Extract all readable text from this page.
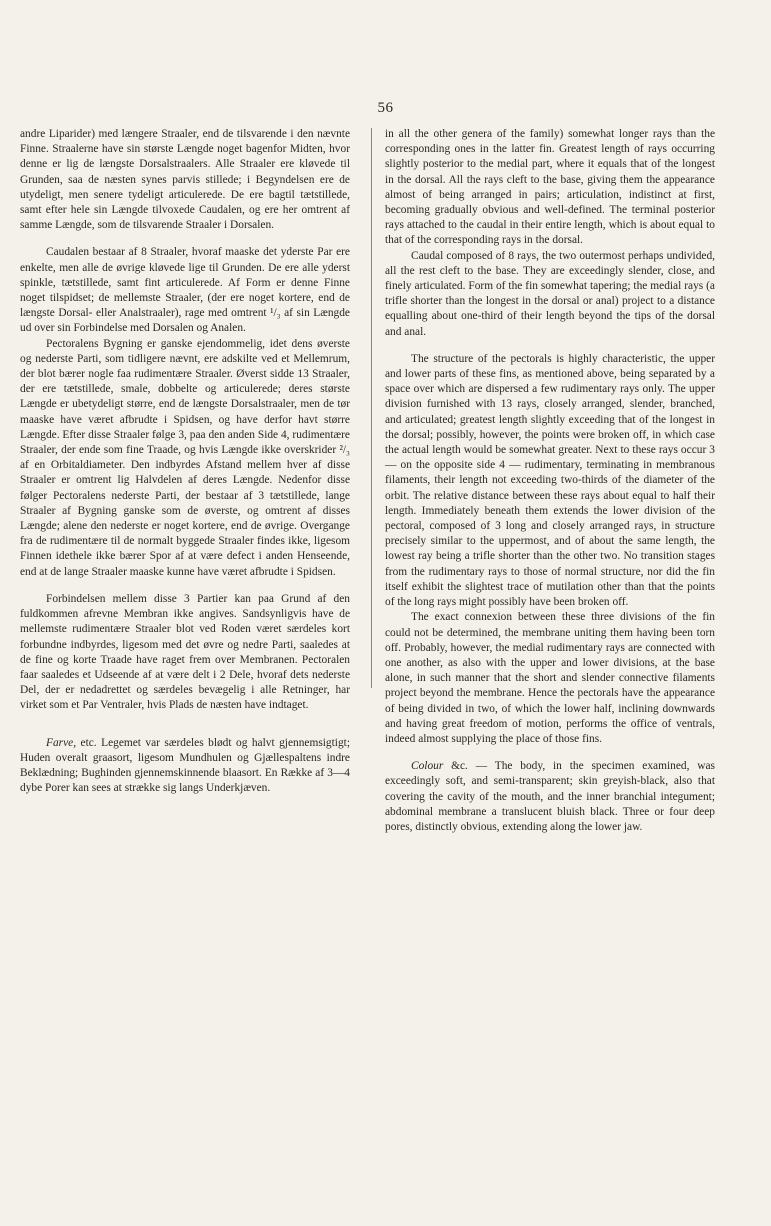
56

andre Liparider) med længere Straaler, end de tilsvarende i den nævnte Finne. Straalerne have sin største Længde noget bagenfor Midten, hvor denne er lig de længste Dorsalstraalers. Alle Straaler ere kløvede til Grunden, saa de næsten synes parvis stillede; i Begyndelsen ere de utydeligt, men senere tydeligt articulerede. De ere bagtil tætstillede, samt efter hele sin Længde tilvoxede Caudalen, og ere her omtrent af samme Længde, som de tilsvarende Straaler i Dorsalen.

Caudalen bestaar af 8 Straaler, hvoraf maaske det yderste Par ere enkelte, men alle de øvrige kløvede lige til Grunden. De ere alle yderst spinkle, tætstillede, samt fint articulerede. Af Form er denne Finne noget tilspidset; de mellemste Straaler, (der ere noget kortere, end de længste Dorsal- eller Analstraaler), rage med omtrent ¹/₃ af sin Længde ud over sin Forbindelse med Dorsalen og Analen.

Pectoralens Bygning er ganske ejendommelig, idet dens øverste og nederste Parti, som tidligere nævnt, ere adskilte ved et Mellemrum, der blot bærer nogle faa rudimentære Straaler. Øverst sidde 13 Straaler, der ere tætstillede, smale, dobbelte og articulerede; deres største Længde er ubetydeligt større, end de længste Dorsalstraaler, men de tør maaske have været afbrudte i Spidsen, og have derfor havt større Længde. Efter disse Straaler følge 3, paa den anden Side 4, rudimentære Straaler, der ende som fine Traade, og hvis Længde ikke overskrider ²/₃ af en Orbitaldiameter. Den indbyrdes Afstand mellem hver af disse Straaler er omtrent lig Halvdelen af deres Længde. Nedenfor disse følger Pectoralens nederste Parti, der bestaar af 3 tætstillede, lange Straaler af Bygning ganske som de øverste, og omtrent af disses Længde; alene den nederste er noget kortere, end de øvrige. Overgange fra de rudimentære til de normalt byggede Straaler findes ikke, ligesom Finnen idethele ikke bærer Spor af at være defect i anden Henseende, end at de lange Straaler maaske kunne have været afbrudte i Spidsen.

Forbindelsen mellem disse 3 Partier kan paa Grund af den fuldkommen afrevne Membran ikke angives. Sandsynligvis have de mellemste rudimentære Straaler blot ved Roden været særdeles kort forbundne indbyrdes, ligesom med det øvre og nedre Parti, saaledes at de fine og korte Traade have raget frem over Membranen. Pectoralen faar saaledes et Udseende af at være delt i 2 Dele, hvoraf dets nederste Del, der er nedadrettet og særdeles bevægelig i alle Retninger, har virket som et Par Ventraler, hvis Plads de næsten have indtaget.

Farve, etc. Legemet var særdeles blødt og halvt gjennemsigtigt; Huden overalt graasort, ligesom Mundhulen og Gjællespaltens indre Beklædning; Bughinden gjennemskinnende blaasort. En Række af 3—4 dybe Porer kan sees at strække sig langs Underkjæven.

in all the other genera of the family) somewhat longer rays than the corresponding ones in the latter fin. Greatest length of rays occurring slightly posterior to the medial part, where it equals that of the longest in the dorsal. All the rays cleft to the base, giving them the appearance almost of being arranged in pairs; articulation, indistinct at first, becoming gradually obvious and well-defined. The terminal posterior rays attached to the caudal in their entire length, which is about equal to that of the corresponding rays in the dorsal.

Caudal composed of 8 rays, the two outermost perhaps undivided, all the rest cleft to the base. They are exceedingly slender, close, and finely articulated. Form of the fin somewhat tapering; the medial rays (a trifle shorter than the longest in the dorsal or anal) project to a distance equalling about one-third of their length beyond the tips of the dorsal and anal.

The structure of the pectorals is highly characteristic, the upper and lower parts of these fins, as mentioned above, being separated by a space over which are dispersed a few rudimentary rays only. The upper division furnished with 13 rays, closely arranged, slender, branched, and articulated; greatest length slightly exceeding that of the longest in the dorsal; possibly, however, the points were broken off, in which case the actual length would be somewhat greater. Next to these rays occur 3 — on the opposite side 4 — rudimentary, terminating in membranous filaments, their length not exceeding two-thirds of the diameter of the orbit. The relative distance between these rays about equal to half their length. Immediately beneath them extends the lower division of the pectoral, composed of 3 long and closely arranged rays, in structure precisely similar to the uppermost, and of about the same length, the lowest ray being a trifle shorter than the other two. No transition stages from the rudimentary rays to those of normal structure, nor did the fin itself exhibit the slightest trace of mutilation other than that the points of the long rays might possibly have been broken off.

The exact connexion between these three divisions of the fin could not be determined, the membrane uniting them having been torn off. Probably, however, the medial rudimentary rays are connected with one another, as also with the upper and lower divisions, at the base alone, in such manner that the short and slender connective filaments project beyond the membrane. Hence the pectorals have the appearance of being divided in two, of which the lower half, inclining downwards and having great freedom of motion, performs the office of ventrals, indeed almost supplying the place of those fins.

Colour &c. — The body, in the specimen examined, was exceedingly soft, and semi-transparent; skin greyish-black, also that covering the cavity of the mouth, and the inner branchial integument; abdominal membrane a translucent bluish black. Three or four deep pores, distinctly obvious, extending along the lower jaw.
